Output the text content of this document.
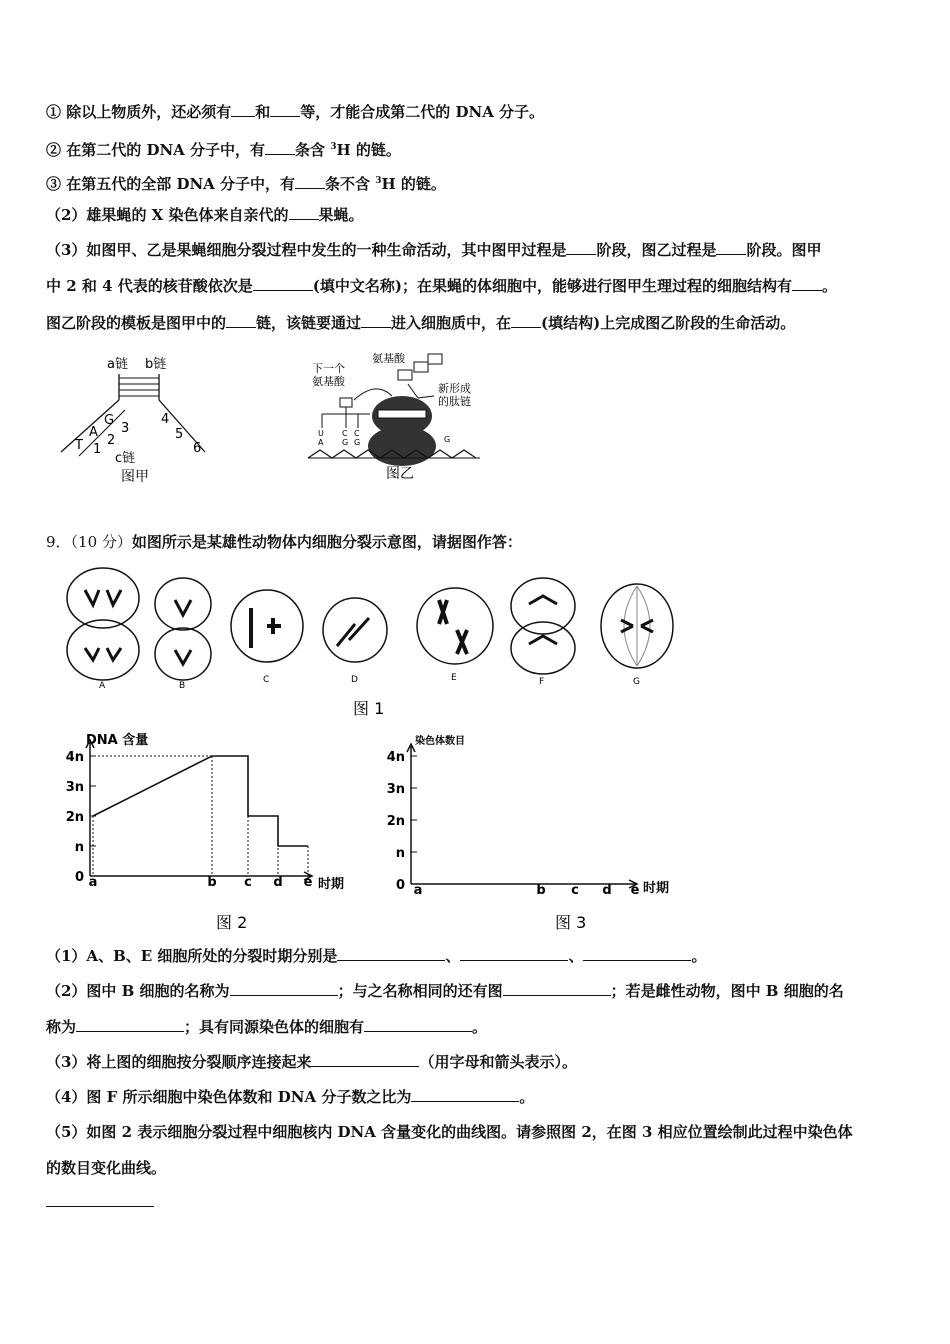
① 除以上物质外，还必须有 和 等，才能合成第二代的 DNA 分子。
② 在第二代的 DNA 分子中，有 条含 $^3$H 的链。
③ 在第五代的全部 DNA 分子中，有 条不含 $^3$H 的链。
（2）雄果蝇的 X 染色体来自亲代的 果蝇。
（3）如图甲、乙是果蝇细胞分裂过程中发生的一种生命活动，其中图甲过程是 阶段，图乙过程是 阶段。图甲
中 2 和 4 代表的核苷酸依次是	(填中文名称)；在果蝇的体细胞中，能够进行图甲生理过程的细胞结构有 。
图乙阶段的模板是图甲中的 链，该链要通过 进入细胞质中，在 (填结构)上完成图乙阶段的生命活动。
a链 b链
T
A
G
1
2
3
4
5
6
c链
图甲
氨基酸
下一个
氨基酸
新形成
的肽链
U
A
C
G
C
G	G
图乙
9．（10 分）如图所示是某雄性动物体内细胞分裂示意图，请据图作答：
A	B
C	D	E	F	G
图 1
DNA 含量
0
n
2n
3n
4n
a	b c d e 时期
图 2
染色体数目
0
n
2n
3n
4n
a	b c d e 时期
图 3
（1）A、B、E 细胞所处的分裂时期分别是	、	、	。
（2）图中 B 细胞的名称为	；与之名称相同的还有图	；若是雌性动物，图中 B 细胞的名
称为	；具有同源染色体的细胞有	。
（3）将上图的细胞按分裂顺序连接起来	（用字母和箭头表示）。
（4）图 F 所示细胞中染色体数和 DNA 分子数之比为	。
（5）如图 2 表示细胞分裂过程中细胞核内 DNA 含量变化的曲线图。请参照图 2，在图 3 相应位置绘制此过程中染色体
的数目变化曲线。
